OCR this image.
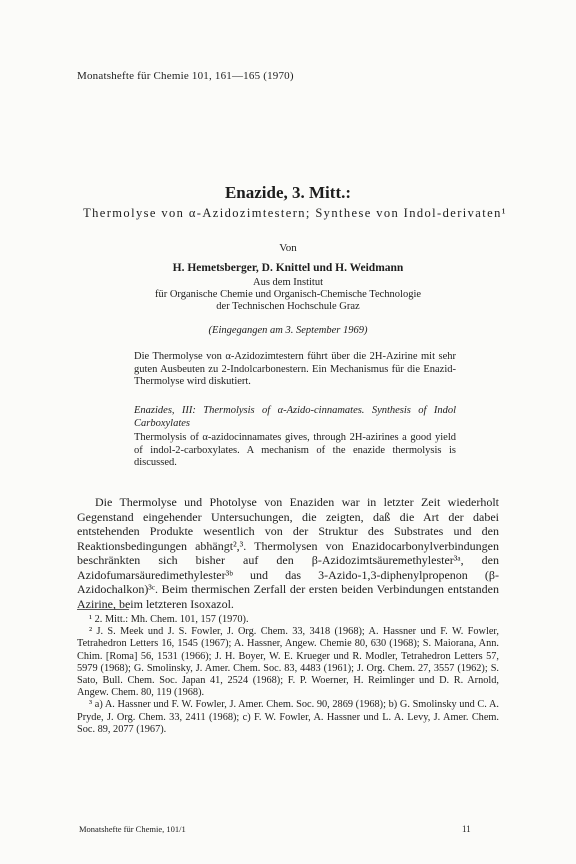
Monatshefte für Chemie 101, 161—165 (1970)
Enazide, 3. Mitt.:
Thermolyse von α-Azidozimtestern; Synthese von Indol-derivaten¹
Von
H. Hemetsberger, D. Knittel und H. Weidmann
Aus dem Institut
für Organische Chemie und Organisch-Chemische Technologie
der Technischen Hochschule Graz
(Eingegangen am 3. September 1969)

Die Thermolyse von α-Azidozimtestern führt über die 2H-Azirine mit sehr guten Ausbeuten zu 2-Indolcarbonestern. Ein Mechanismus für die Enazid-Thermolyse wird diskutiert.

Enazides, III: Thermolysis of α-Azido-cinnamates. Synthesis of Indol Carboxylates

Thermolysis of α-azidocinnamates gives, through 2H-azirines a good yield of indol-2-carboxylates. A mechanism of the enazide thermolysis is discussed.

Die Thermolyse und Photolyse von Enaziden war in letzter Zeit wiederholt Gegenstand eingehender Untersuchungen, die zeigten, daß die Art der dabei entstehenden Produkte wesentlich von der Struktur des Substrates und den Reaktionsbedingungen abhängt²,³. Thermolysen von Enazidocarbonylverbindungen beschränkten sich bisher auf den β-Azidozimtsäuremethylester³ᵃ, den Azidofumarsäuredimethylester³ᵇ und das 3-Azido-1,3-diphenylpropenon (β-Azidochalkon)³ᶜ. Beim thermischen Zerfall der ersten beiden Verbindungen entstanden Azirine, beim letzteren Isoxazol.

¹ 2. Mitt.: Mh. Chem. 101, 157 (1970).

² J. S. Meek und J. S. Fowler, J. Org. Chem. 33, 3418 (1968); A. Hassner und F. W. Fowler, Tetrahedron Letters 16, 1545 (1967); A. Hassner, Angew. Chemie 80, 630 (1968); S. Maiorana, Ann. Chim. [Roma] 56, 1531 (1966); J. H. Boyer, W. E. Krueger und R. Modler, Tetrahedron Letters 57, 5979 (1968); G. Smolinsky, J. Amer. Chem. Soc. 83, 4483 (1961); J. Org. Chem. 27, 3557 (1962); S. Sato, Bull. Chem. Soc. Japan 41, 2524 (1968); F. P. Woerner, H. Reimlinger und D. R. Arnold, Angew. Chem. 80, 119 (1968).

³ a) A. Hassner und F. W. Fowler, J. Amer. Chem. Soc. 90, 2869 (1968); b) G. Smolinsky und C. A. Pryde, J. Org. Chem. 33, 2411 (1968); c) F. W. Fowler, A. Hassner und L. A. Levy, J. Amer. Chem. Soc. 89, 2077 (1967).

Monatshefte für Chemie, 101/1	11
